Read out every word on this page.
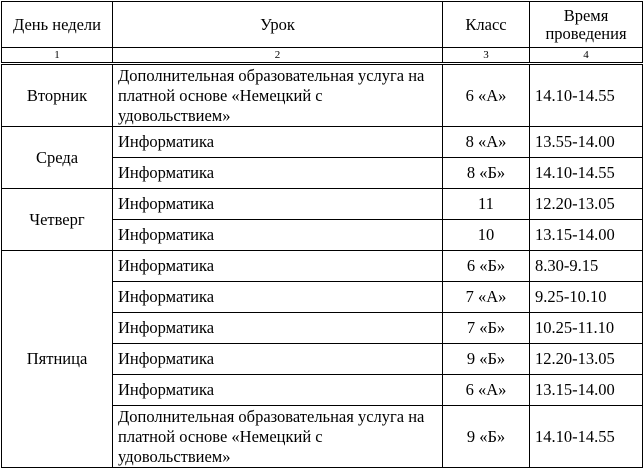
День недели	Урок	Класс	Время проведения
1	2	3	4
Вторник	Дополнительная образовательная услуга на платной основе «Немецкий с удовольствием»	6 «А»	14.10-14.55
Среда	Информатика	8 «А»	13.55-14.00
	Информатика	8 «Б»	14.10-14.55
Четверг	Информатика	11	12.20-13.05
	Информатика	10	13.15-14.00
Пятница	Информатика	6 «Б»	8.30-9.15
	Информатика	7 «А»	9.25-10.10
	Информатика	7 «Б»	10.25-11.10
	Информатика	9 «Б»	12.20-13.05
	Информатика	6 «А»	13.15-14.00
	Дополнительная образовательная услуга на платной основе «Немецкий с удовольствием»	9 «Б»	14.10-14.55
